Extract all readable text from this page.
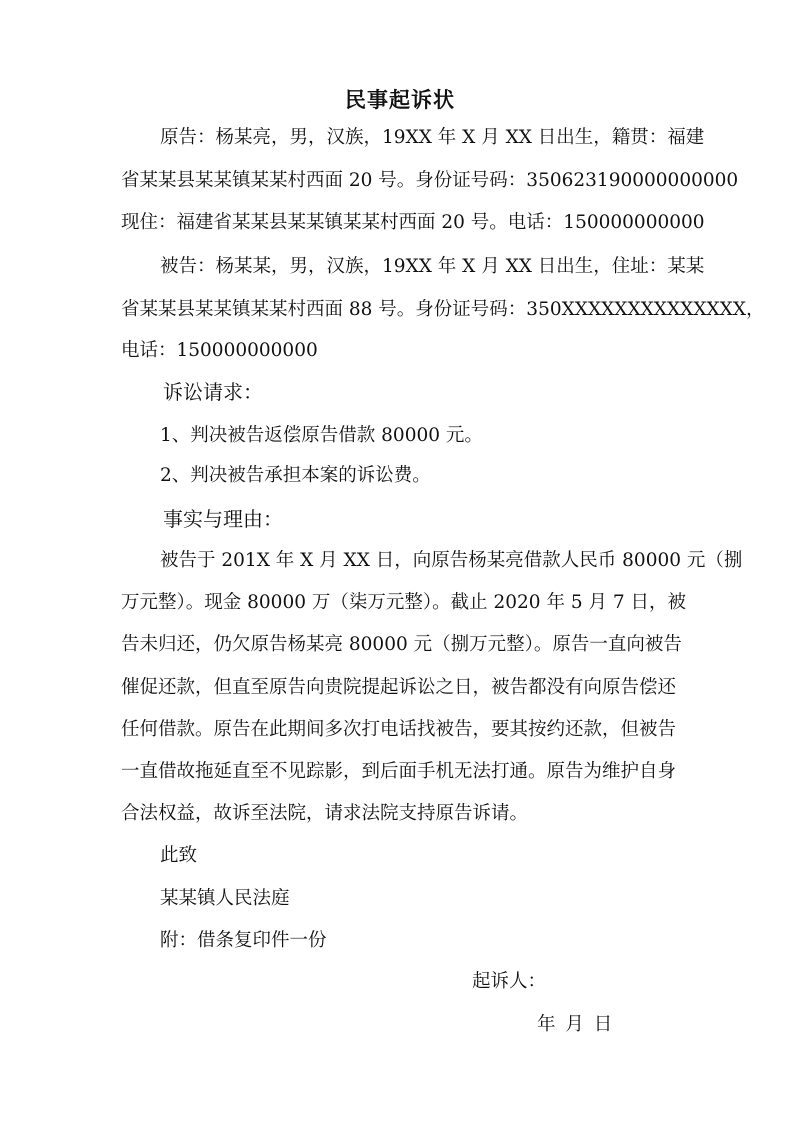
民事起诉状
原告：杨某亮，男，汉族，19XX 年 X 月 XX 日出生，籍贯：福建
省某某县某某镇某某村西面 20 号。身份证号码：350623190000000000
现住：福建省某某县某某镇某某村西面 20 号。电话：150000000000
被告：杨某某，男，汉族，19XX 年 X 月 XX 日出生，住址：某某
省某某县某某镇某某村西面 88 号。身份证号码：350XXXXXXXXXXXXXX，
电话：150000000000
诉讼请求：
1、判决被告返偿原告借款 80000 元。
2、判决被告承担本案的诉讼费。
事实与理由：
被告于 201X 年 X 月 XX 日，向原告杨某亮借款人民币 80000 元（捌
万元整）。现金 80000 万（柒万元整）。截止 2020 年 5 月 7 日，被
告未归还，仍欠原告杨某亮 80000 元（捌万元整）。原告一直向被告
催促还款，但直至原告向贵院提起诉讼之日，被告都没有向原告偿还
任何借款。原告在此期间多次打电话找被告，要其按约还款，但被告
一直借故拖延直至不见踪影，到后面手机无法打通。原告为维护自身
合法权益，故诉至法院，请求法院支持原告诉请。
此致
某某镇人民法庭
附：借条复印件一份
起诉人：
年 月 日
